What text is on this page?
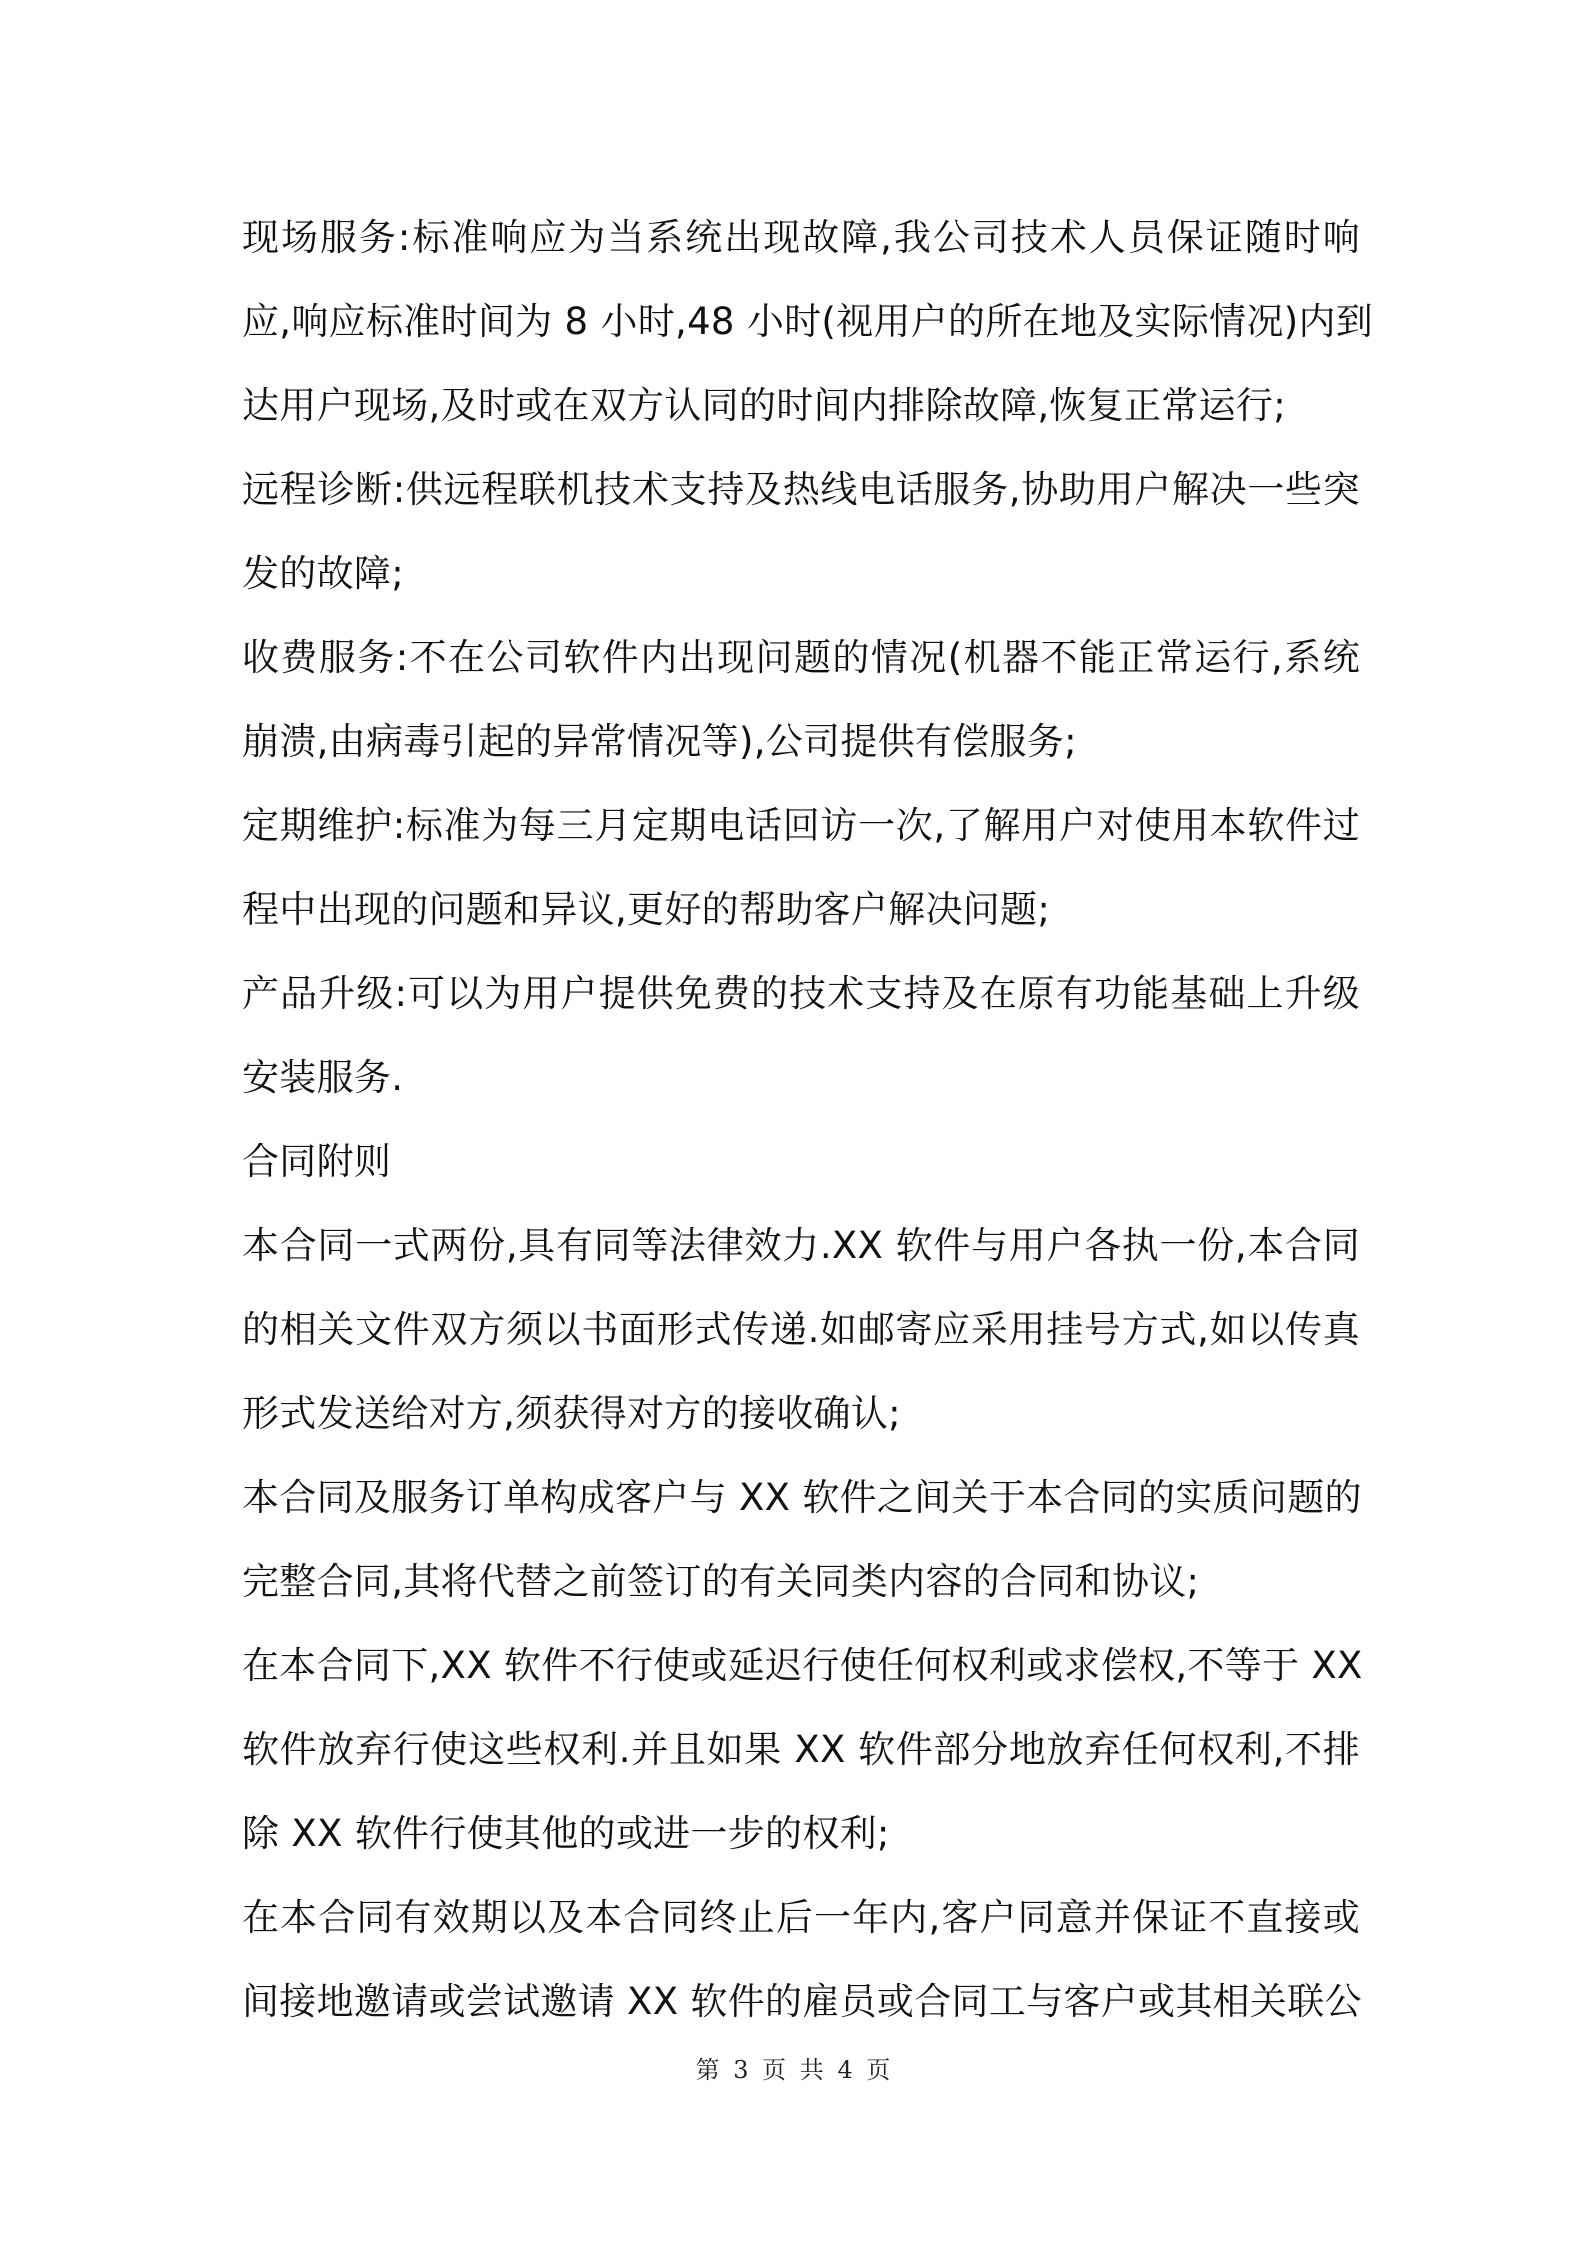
现场服务:标准响应为当系统出现故障,我公司技术人员保证随时响
应,响应标准时间为 8 小时,48 小时(视用户的所在地及实际情况)内到
达用户现场,及时或在双方认同的时间内排除故障,恢复正常运行;
远程诊断:供远程联机技术支持及热线电话服务,协助用户解决一些突
发的故障;
收费服务:不在公司软件内出现问题的情况(机器不能正常运行,系统
崩溃,由病毒引起的异常情况等),公司提供有偿服务;
定期维护:标准为每三月定期电话回访一次,了解用户对使用本软件过
程中出现的问题和异议,更好的帮助客户解决问题;
产品升级:可以为用户提供免费的技术支持及在原有功能基础上升级
安装服务.
合同附则
本合同一式两份,具有同等法律效力.XX 软件与用户各执一份,本合同
的相关文件双方须以书面形式传递.如邮寄应采用挂号方式,如以传真
形式发送给对方,须获得对方的接收确认;
本合同及服务订单构成客户与 XX 软件之间关于本合同的实质问题的
完整合同,其将代替之前签订的有关同类内容的合同和协议;
在本合同下,XX 软件不行使或延迟行使任何权利或求偿权,不等于 XX
软件放弃行使这些权利.并且如果 XX 软件部分地放弃任何权利,不排
除 XX 软件行使其他的或进一步的权利;
在本合同有效期以及本合同终止后一年内,客户同意并保证不直接或
间接地邀请或尝试邀请 XX 软件的雇员或合同工与客户或其相关联公
第 3 页 共 4 页
